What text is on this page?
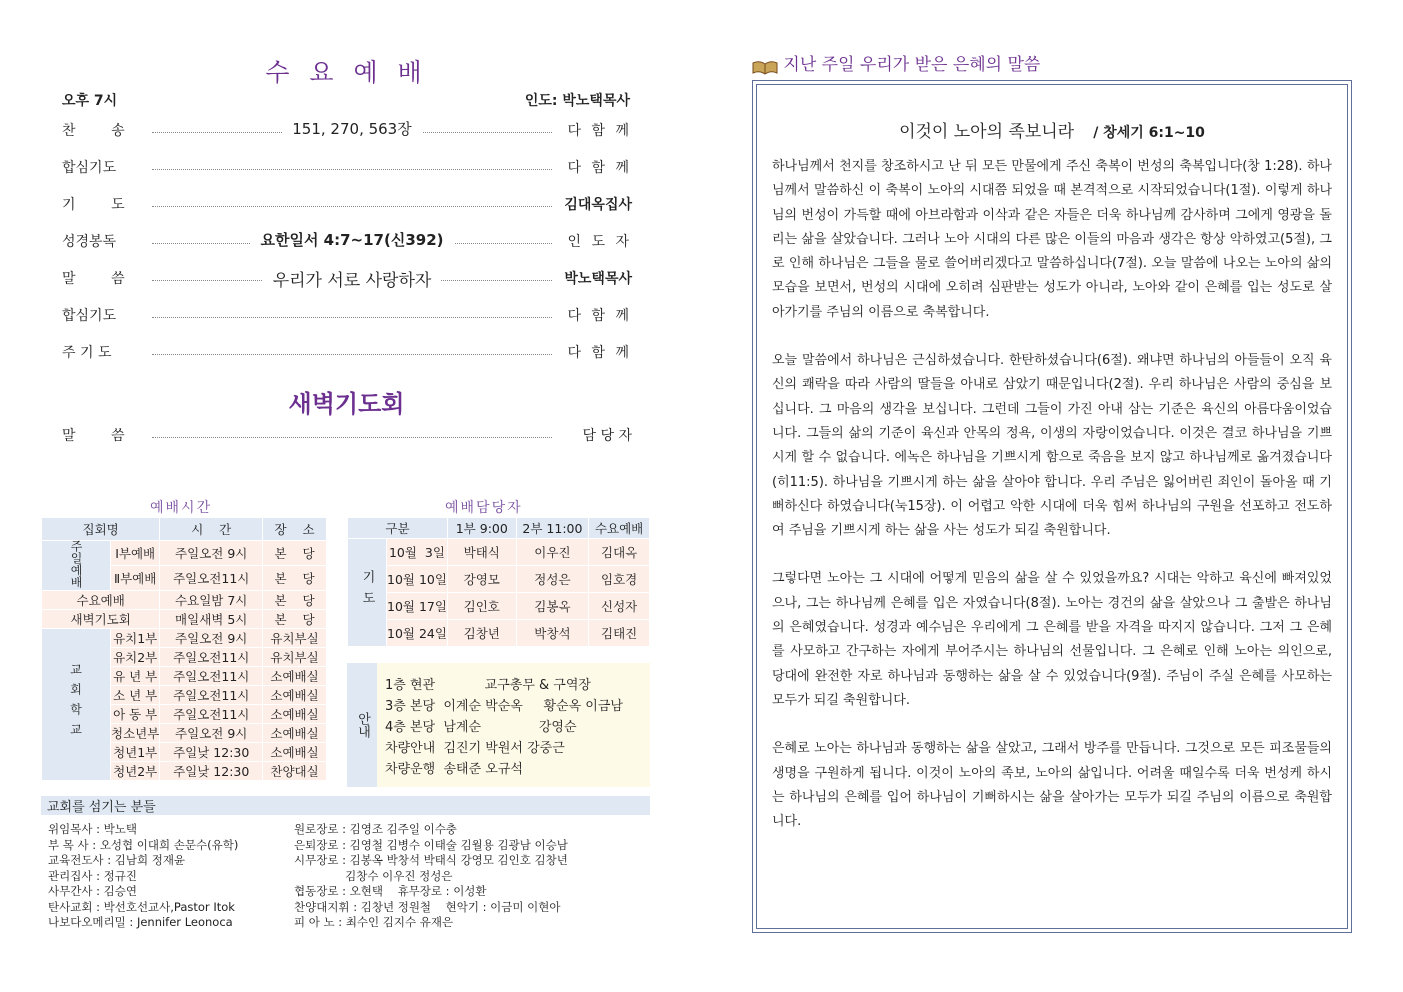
수 요 예 배
오후 7시	인도: 박노택목사
찬        송	151, 270, 563장	다 함 께
합심기도	다 함 께
기        도	김대옥집사
성경봉독	요한일서 4:7~17(신392)	인 도 자
말        씀	우리가 서로 사랑하자	박노택목사
합심기도	다 함 께
주 기 도	다 함 께
새벽기도회
말        씀	담 당 자
예배시간	예배담당자
집회명		시    간	장    소
주일예배	Ⅰ부예배	주일오전 9시	본    당
	Ⅱ부예배	주일오전11시	본    당
수요예배		수요일밤 7시	본    당
새벽기도회		매일새벽 5시	본    당
교회학교	유치1부	주일오전 9시	유치부실
	유치2부	주일오전11시	유치부실
	유 년 부	주일오전11시	소예배실
	소 년 부	주일오전11시	소예배실
	아 동 부	주일오전11시	소예배실
	청소년부	주일오전 9시	소예배실
	청년1부	주일낮 12:30	소예배실
	청년2부	주일낮 12:30	찬양대실
구분		1부 9:00	2부 11:00	수요예배
기도	10월  3일	박태식	이우진	김대옥
	10월 10일	강영모	정성은	임호경
	10월 17일	김인호	김봉옥	신성자
	10월 24일	김창년	박창석	김태진
안내
1층 현관            교구총무 & 구역장
3층 본당  이계순 박순옥     황순옥 이금남
4층 본당  남계순              강영순
차량안내  김진기 박원서 강중근
차량운행  송태준 오규석
교회를 섬기는 분들
위임목사 : 박노택
부 목 사 : 오성협 이대희 손문수(유학)
교육전도사 : 김남희 정재윤
관리집사 : 정규진
사무간사 : 김승연
탄사교회 : 박선호선교사,Pastor Itok
나보다오메리밀 : Jennifer Leonoca
원로장로 : 김영조 김주일 이수충
은퇴장로 : 김영철 김병수 이태술 김월용 김광남 이승남
시무장로 : 김봉옥 박창석 박태식 강영모 김인호 김창년
김창수 이우진 정성은
협동장로 : 오현택    휴무장로 : 이성환
찬양대지휘 : 김창년 정원철    현악기 : 이금미 이현아
피 아 노 : 최수인 김지수 유재은
지난 주일 우리가 받은 은혜의 말씀
이것이 노아의 족보니라 / 창세기 6:1~10

하나님께서 천지를 창조하시고 난 뒤 모든 만물에게 주신 축복이 번성의 축복입니다(창 1:28). 하나님께서 말씀하신 이 축복이 노아의 시대쯤 되었을 때 본격적으로 시작되었습니다(1절). 이렇게 하나님의 번성이 가득할 때에 아브라함과 이삭과 같은 자들은 더욱 하나님께 감사하며 그에게 영광을 돌리는 삶을 살았습니다. 그러나 노아 시대의 다른 많은 이들의 마음과 생각은 항상 악하였고(5절), 그로 인해 하나님은 그들을 물로 쓸어버리겠다고 말씀하십니다(7절). 오늘 말씀에 나오는 노아의 삶의 모습을 보면서, 번성의 시대에 오히려 심판받는 성도가 아니라, 노아와 같이 은혜를 입는 성도로 살아가기를 주님의 이름으로 축복합니다.

오늘 말씀에서 하나님은 근심하셨습니다. 한탄하셨습니다(6절). 왜냐면 하나님의 아들들이 오직 육신의 쾌락을 따라 사람의 딸들을 아내로 삼았기 때문입니다(2절). 우리 하나님은 사람의 중심을 보십니다. 그 마음의 생각을 보십니다. 그런데 그들이 가진 아내 삼는 기준은 육신의 아름다움이었습니다. 그들의 삶의 기준이 육신과 안목의 정욕, 이생의 자랑이었습니다. 이것은 결코 하나님을 기쁘시게 할 수 없습니다. 에녹은 하나님을 기쁘시게 함으로 죽음을 보지 않고 하나님께로 옮겨졌습니다(히11:5). 하나님을 기쁘시게 하는 삶을 살아야 합니다. 우리 주님은 잃어버린 죄인이 돌아올 때 기뻐하신다 하였습니다(눅15장). 이 어렵고 악한 시대에 더욱 힘써 하나님의 구원을 선포하고 전도하여 주님을 기쁘시게 하는 삶을 사는 성도가 되길 축원합니다.

그렇다면 노아는 그 시대에 어떻게 믿음의 삶을 살 수 있었을까요? 시대는 악하고 육신에 빠져있었으나, 그는 하나님께 은혜를 입은 자였습니다(8절). 노아는 경건의 삶을 살았으나 그 출발은 하나님의 은혜였습니다. 성경과 예수님은 우리에게 그 은혜를 받을 자격을 따지지 않습니다. 그저 그 은혜를 사모하고 간구하는 자에게 부어주시는 하나님의 선물입니다. 그 은혜로 인해 노아는 의인으로, 당대에 완전한 자로 하나님과 동행하는 삶을 살 수 있었습니다(9절). 주님이 주실 은혜를 사모하는 모두가 되길 축원합니다.

은혜로 노아는 하나님과 동행하는 삶을 살았고, 그래서 방주를 만듭니다. 그것으로 모든 피조물들의 생명을 구원하게 됩니다. 이것이 노아의 족보, 노아의 삶입니다. 어려울 때일수록 더욱 번성케 하시는 하나님의 은혜를 입어 하나님이 기뻐하시는 삶을 살아가는 모두가 되길 주님의 이름으로 축원합니다.
